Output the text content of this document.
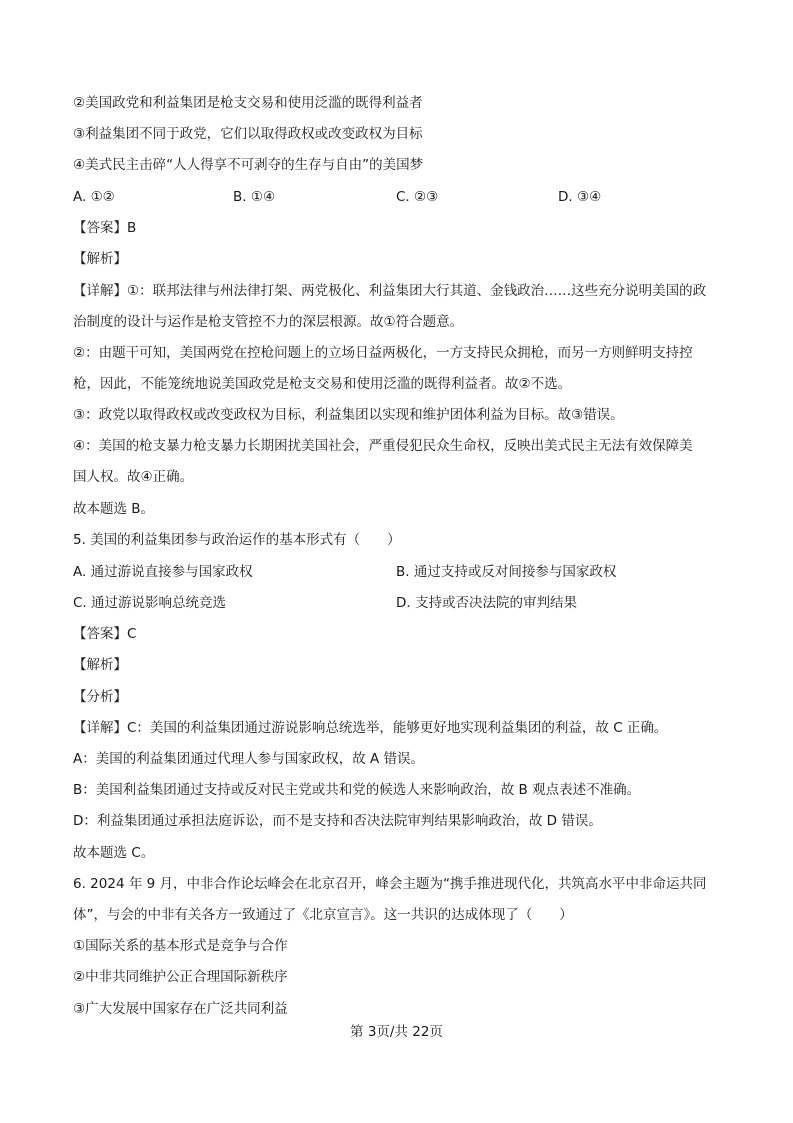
②美国政党和利益集团是枪支交易和使用泛滥的既得利益者
③利益集团不同于政党，它们以取得政权或改变政权为目标
④美式民主击碎“人人得享不可剥夺的生存与自由”的美国梦
A. ①②	B. ①④	C. ②③	D. ③④
【答案】B
【解析】
【详解】①：联邦法律与州法律打架、两党极化、利益集团大行其道、金钱政治……这些充分说明美国的政
治制度的设计与运作是枪支管控不力的深层根源。故①符合题意。
②：由题干可知，美国两党在控枪问题上的立场日益两极化，一方支持民众拥枪，而另一方则鲜明支持控
枪，因此，不能笼统地说美国政党是枪支交易和使用泛滥的既得利益者。故②不选。
③：政党以取得政权或改变政权为目标，利益集团以实现和维护团体利益为目标。故③错误。
④：美国的枪支暴力枪支暴力长期困扰美国社会，严重侵犯民众生命权，反映出美式民主无法有效保障美
国人权。故④正确。
故本题选 B。
5. 美国的利益集团参与政治运作的基本形式有（　　）
A. 通过游说直接参与国家政权	B. 通过支持或反对间接参与国家政权
C. 通过游说影响总统竞选	D. 支持或否决法院的审判结果
【答案】C
【解析】
【分析】
【详解】C：美国的利益集团通过游说影响总统选举，能够更好地实现利益集团的利益，故 C 正确。
A：美国的利益集团通过代理人参与国家政权，故 A 错误。
B：美国利益集团通过支持或反对民主党或共和党的候选人来影响政治，故 B 观点表述不准确。
D：利益集团通过承担法庭诉讼，而不是支持和否决法院审判结果影响政治，故 D 错误。
故本题选 C。
6. 2024 年 9 月，中非合作论坛峰会在北京召开，峰会主题为“携手推进现代化，共筑高水平中非命运共同
体”，与会的中非有关各方一致通过了《北京宣言》。这一共识的达成体现了（　　）
①国际关系的基本形式是竞争与合作
②中非共同维护公正合理国际新秩序
③广大发展中国家存在广泛共同利益
第 3页/共 22页
